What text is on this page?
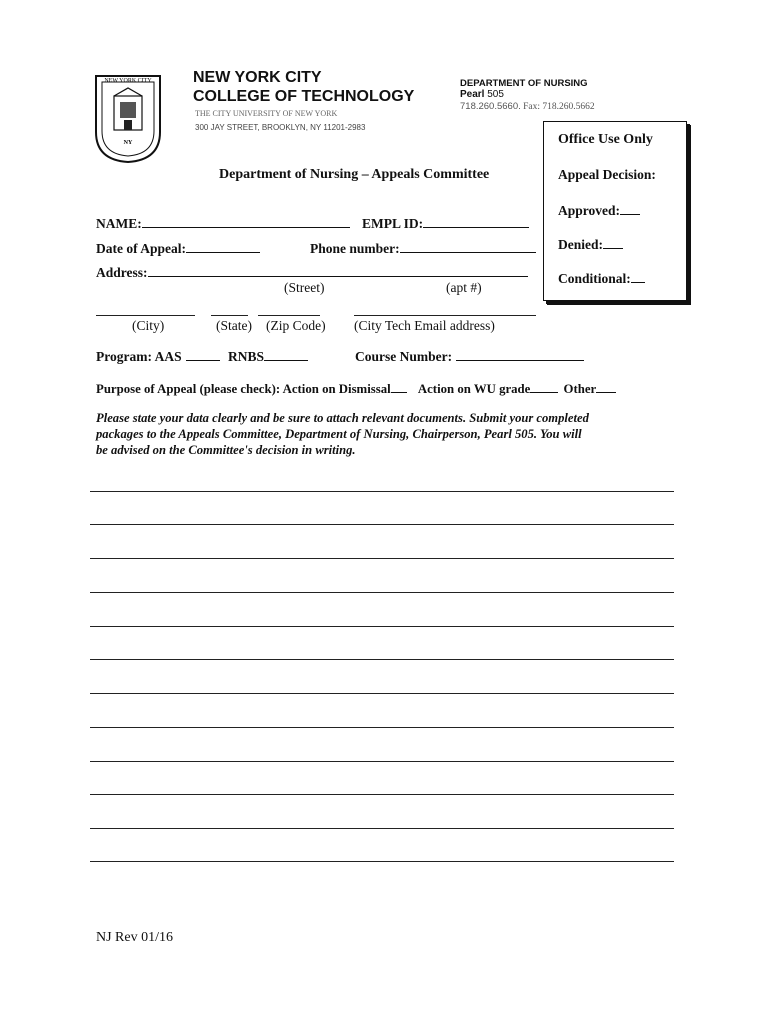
NEW YORK CITY
NY
NEW YORK CITY
COLLEGE OF TECHNOLOGY
THE CITY UNIVERSITY OF NEW YORK
300 JAY STREET, BROOKLYN, NY 11201-2983
DEPARTMENT OF NURSING
Pearl 505
718.260.5660. Fax: 718.260.5662
Office Use Only
Appeal Decision:
Approved:
Denied:
Conditional:
Department of Nursing – Appeals Committee
NAME:	EMPL ID:
Date of Appeal:	Phone number:
Address:
(Street)	(apt #)
(City)	(State) (Zip Code) (City Tech Email address)
Program: AAS	RNBS	Course Number:
Purpose of Appeal (please check): Action on Dismissal Action on WU grade	Other
Please state your data clearly and be sure to attach relevant documents. Submit your completed
packages to the Appeals Committee, Department of Nursing, Chairperson, Pearl 505. You will
be advised on the Committee's decision in writing.
NJ Rev 01/16
